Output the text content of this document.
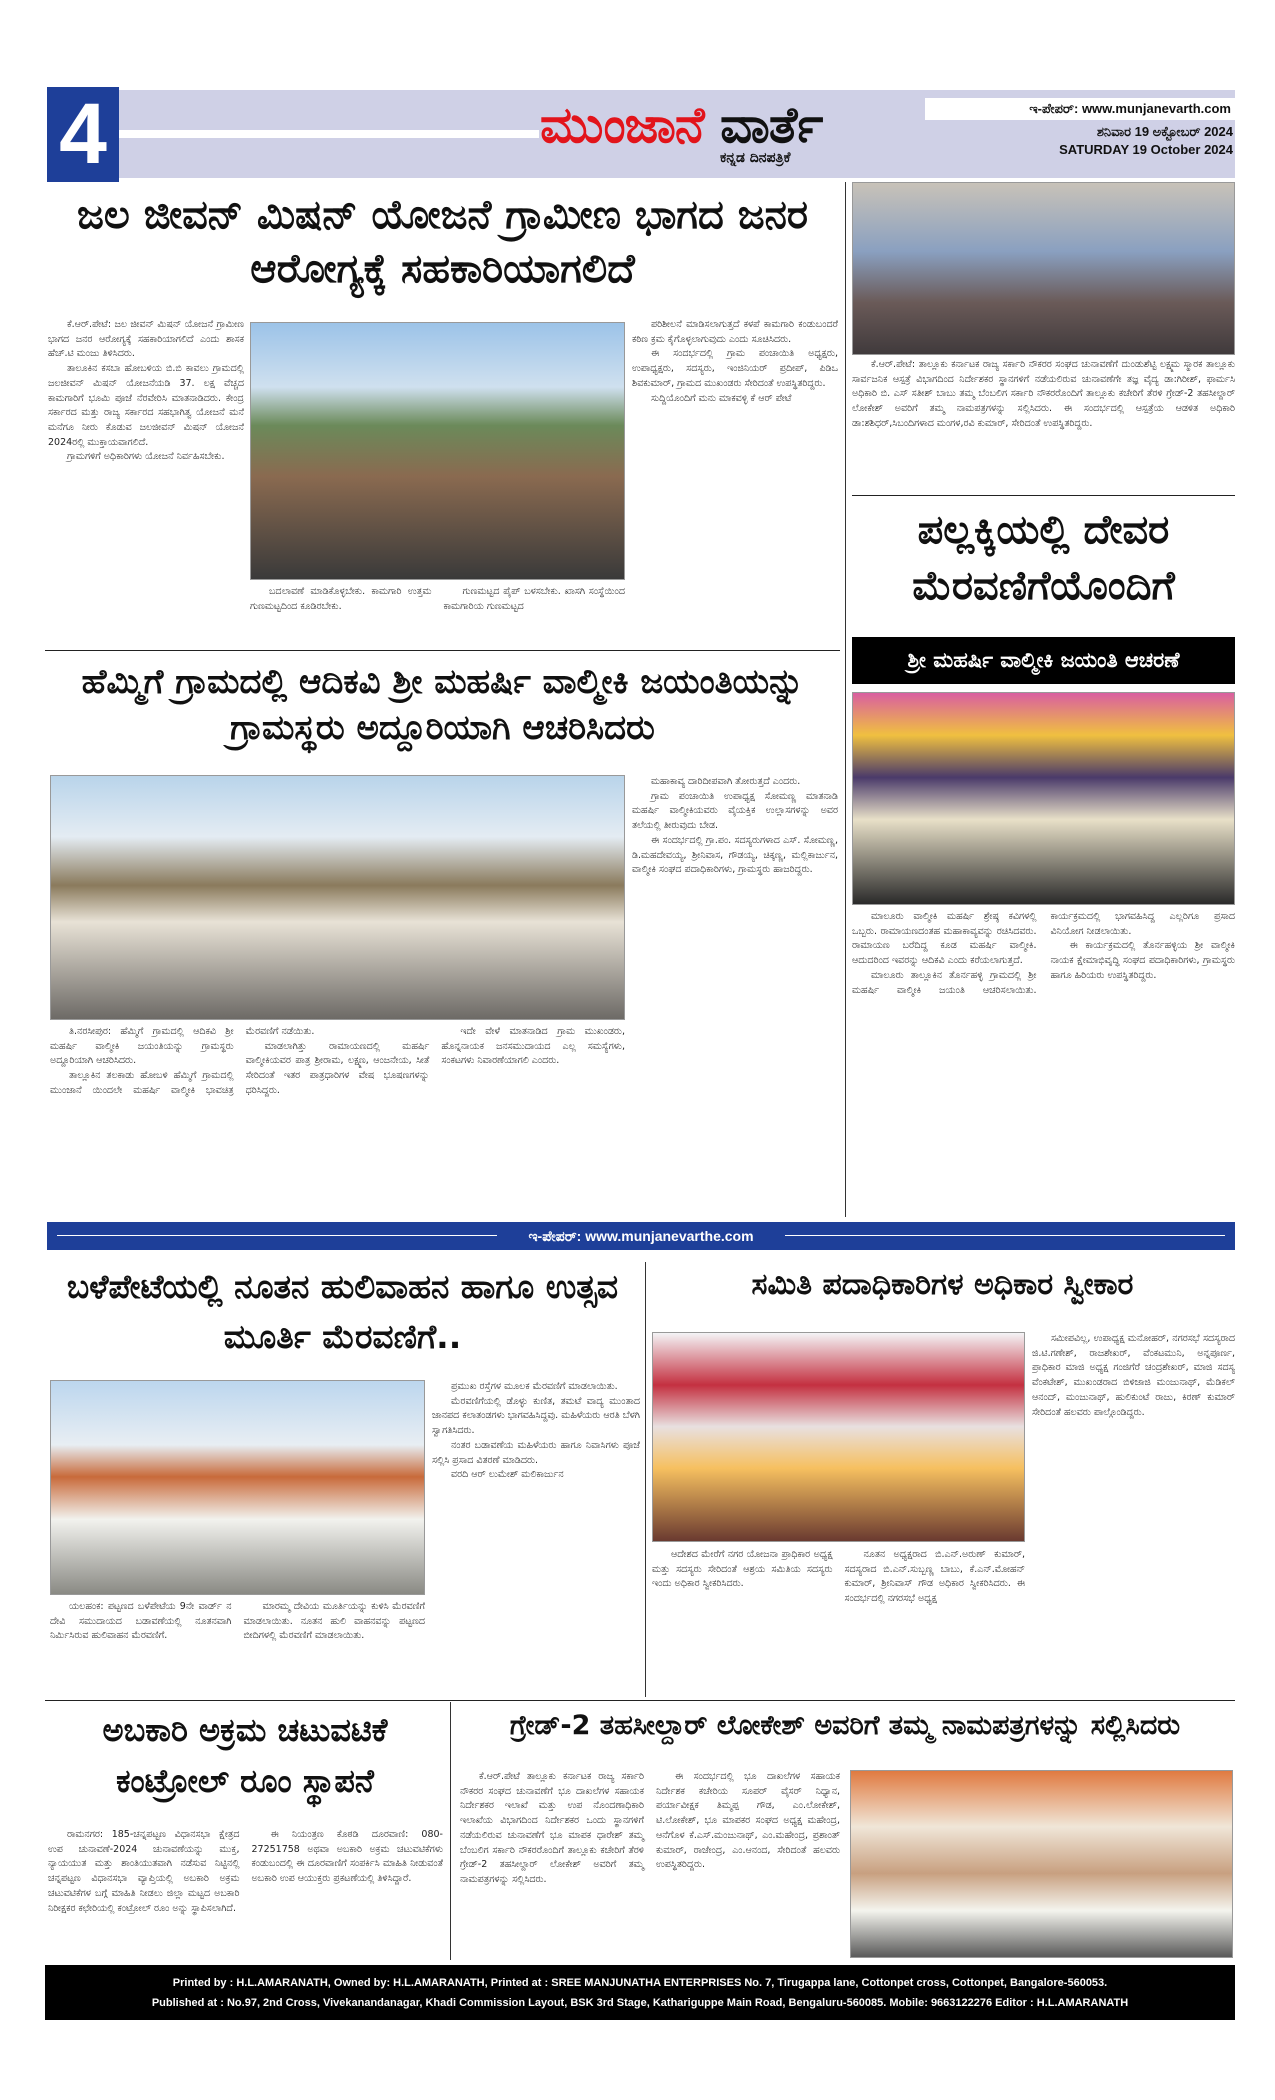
4	ಮುಂಜಾನೆ ವಾರ್ತೆ
ಕನ್ನಡ ದಿನಪತ್ರಿಕೆ
ಇ-ಪೇಪರ್: www.munjanevarth.com
ಶನಿವಾರ 19 ಅಕ್ಟೋಬರ್ 2024
SATURDAY 19 October 2024
ಜಲ ಜೀವನ್ ಮಿಷನ್ ಯೋಜನೆ ಗ್ರಾಮೀಣ ಭಾಗದ ಜನರ ಆರೋಗ್ಯಕ್ಕೆ ಸಹಕಾರಿಯಾಗಲಿದೆ

ಕೆ.ಆರ್.ಪೇಟೆ: ಜಲ ಜೀವನ್ ಮಿಷನ್ ಯೋಜನೆ ಗ್ರಾಮೀಣ ಭಾಗದ ಜನರ ಆರೋಗ್ಯಕ್ಕೆ ಸಹಕಾರಿಯಾಗಲಿದೆ ಎಂದು ಶಾಸಕ ಹೆಚ್.ಟಿ ಮಂಜು ತಿಳಿಸಿದರು.

ತಾಲೂಕಿನ ಕಸಬಾ ಹೋಬಳಿಯ ಬಿ.ಬಿ ಕಾವಲು ಗ್ರಾಮದಲ್ಲಿ ಜಲಜೀವನ್ ಮಿಷನ್ ಯೋಜನೆಯಡಿ 37. ಲಕ್ಷ ವೆಚ್ಚದ ಕಾಮಗಾರಿಗೆ ಭೂಮಿ ಪೂಜೆ ನೆರವೇರಿಸಿ ಮಾತನಾಡಿದರು. ಕೇಂದ್ರ ಸರ್ಕಾರದ ಮತ್ತು ರಾಜ್ಯ ಸರ್ಕಾರದ ಸಹಭಾಗಿತ್ವ ಯೋಜನೆ ಮನೆ ಮನೆಗೂ ನೀರು ಕೊಡುವ ಜಲಜೀವನ್ ಮಿಷನ್ ಯೋಜನೆ 2024ರಲ್ಲಿ ಮುಕ್ತಾಯವಾಗಲಿದೆ.

ಗ್ರಾಮಗಳಿಗೆ ಅಧಿಕಾರಿಗಳು ಯೋಜನೆ ನಿರ್ವಹಿಸಬೇಕು.

ಬದಲಾವಣೆ ಮಾಡಿಕೊಳ್ಳಬೇಕು. ಕಾಮಗಾರಿ ಉತ್ತಮ ಗುಣಮಟ್ಟದಿಂದ ಕೂಡಿರಬೇಕು.

ಗುಣಮಟ್ಟದ ಪೈಪ್ ಬಳಸಬೇಕು. ಖಾಸಗಿ ಸಂಸ್ಥೆಯಿಂದ ಕಾಮಗಾರಿಯ ಗುಣಮಟ್ಟದ

ಪರಿಶೀಲನೆ ಮಾಡಿಸಲಾಗುತ್ತದೆ ಕಳಪೆ ಕಾಮಗಾರಿ ಕಂಡುಬಂದರೆ ಕಠಿಣ ಕ್ರಮ ಕೈಗೊಳ್ಳಲಾಗುವುದು ಎಂದು ಸೂಚಿಸಿದರು.

ಈ ಸಂದರ್ಭದಲ್ಲಿ ಗ್ರಾಮ ಪಂಚಾಯಿತಿ ಅಧ್ಯಕ್ಷರು, ಉಪಾಧ್ಯಕ್ಷರು, ಸದಸ್ಯರು, ಇಂಜಿನಿಯರ್ ಪ್ರದೀಪ್, ಪಿಡಿಒ ಶಿವಕುಮಾರ್, ಗ್ರಾಮದ ಮುಖಂಡರು ಸೇರಿದಂತೆ ಉಪಸ್ಥಿತರಿದ್ದರು.

ಸುದ್ದಿಯೊಂದಿಗೆ ಮನು ಮಾಕವಳ್ಳಿ ಕೆ ಆರ್ ಪೇಟೆ

ಹೆಮ್ಮಿಗೆ ಗ್ರಾಮದಲ್ಲಿ ಆದಿಕವಿ ಶ್ರೀ ಮಹರ್ಷಿ ವಾಲ್ಮೀಕಿ ಜಯಂತಿಯನ್ನು ಗ್ರಾಮಸ್ಥರು ಅದ್ದೂರಿಯಾಗಿ ಆಚರಿಸಿದರು

ತಿ.ನರಸೀಪುರ: ಹೆಮ್ಮಿಗೆ ಗ್ರಾಮದಲ್ಲಿ ಆದಿಕವಿ ಶ್ರೀ ಮಹರ್ಷಿ ವಾಲ್ಮೀಕಿ ಜಯಂತಿಯನ್ನು ಗ್ರಾಮಸ್ಥರು ಅದ್ದೂರಿಯಾಗಿ ಆಚರಿಸಿದರು.

ತಾಲ್ಲೂಕಿನ ತಲಕಾಡು ಹೋಬಳಿ ಹೆಮ್ಮಿಗೆ ಗ್ರಾಮದಲ್ಲಿ ಮುಂಜಾನೆ ಯಿಂದಲೇ ಮಹರ್ಷಿ ವಾಲ್ಮೀಕಿ ಭಾವಚಿತ್ರ ಮೆರವಣಿಗೆ ನಡೆಯಿತು.

ಮಾಡಲಾಗಿತ್ತು ರಾಮಾಯಣದಲ್ಲಿ ಮಹರ್ಷಿ ವಾಲ್ಮೀಕಿಯವರ ಪಾತ್ರ ಶ್ರೀರಾಮ, ಲಕ್ಷ್ಮಣ, ಆಂಜನೇಯ, ಸೀತೆ ಸೇರಿದಂತೆ ಇತರ ಪಾತ್ರಧಾರಿಗಳ ವೇಷ ಭೂಷಣಗಳನ್ನು ಧರಿಸಿದ್ದರು.

ಇದೇ ವೇಳೆ ಮಾತನಾಡಿದ ಗ್ರಾಮ ಮುಖಂಡರು, ಹೊನ್ನನಾಯಕ ಜನಸಮುದಾಯದ ಎಲ್ಲ ಸಮಸ್ಯೆಗಳು, ಸಂಕಟಗಳು ನಿವಾರಣೆಯಾಗಲಿ ಎಂದರು.

ಮಹಾಕಾವ್ಯ ದಾರಿದೀಪವಾಗಿ ತೋರುತ್ತದೆ ಎಂದರು.

ಗ್ರಾಮ ಪಂಚಾಯಿತಿ ಉಪಾಧ್ಯಕ್ಷ ಸೋಮಣ್ಣ ಮಾತನಾಡಿ ಮಹರ್ಷಿ ವಾಲ್ಮೀಕಿಯವರು ವೈಯಕ್ತಿಕ ಉಲ್ಲಾಸಗಳನ್ನು ಅವರ ತಲೆಯಲ್ಲಿ ತೀರುವುದು ಬೇಡ.

ಈ ಸಂದರ್ಭದಲ್ಲಿ ಗ್ರಾ.ಪಂ. ಸದಸ್ಯರುಗಳಾದ ಎಸ್. ಸೋಮಣ್ಣ, ಡಿ.ಮಹದೇವಯ್ಯ, ಶ್ರೀನಿವಾಸ, ಗೌಡಯ್ಯ, ಚಿಕ್ಕಣ್ಣ, ಮಲ್ಲಿಕಾರ್ಜುನ, ವಾಲ್ಮೀಕಿ ಸಂಘದ ಪದಾಧಿಕಾರಿಗಳು, ಗ್ರಾಮಸ್ಥರು ಹಾಜರಿದ್ದರು.

ಕೆ.ಆರ್.ಪೇಟೆ: ತಾಲ್ಲೂಕು ಕರ್ನಾಟಕ ರಾಜ್ಯ ಸರ್ಕಾರಿ ನೌಕರರ ಸಂಘದ ಚುನಾವಣೆಗೆ ದುಂಡುಶೆಟ್ಟಿ ಲಕ್ಷ್ಮಮ ಸ್ಮಾರಕ ತಾಲ್ಲೂಕು ಸಾರ್ವಜನಿಕ ಆಸ್ಪತ್ರೆ ವಿಭಾಗದಿಂದ ನಿರ್ದೇಶಕರ ಸ್ಥಾನಗಳಿಗೆ ನಡೆಯಲಿರುವ ಚುನಾವಣೆಗೇ ತಜ್ಞ ವೈದ್ಯ ಡಾ:ಗಿರೀಶ್, ಫಾರ್ಮಸಿ ಅಧಿಕಾರಿ ಬಿ. ಎಸ್ ಸತೀಶ್ ಬಾಬು ತಮ್ಮ ಬೆಂಬಲಿಗ ಸರ್ಕಾರಿ ನೌಕರರೊಂದಿಗೆ ತಾಲ್ಲೂಕು ಕಚೇರಿಗೆ ತೆರಳಿ ಗ್ರೇಡ್-2 ತಹಸೀಲ್ದಾರ್ ಲೋಕೇಶ್ ಅವರಿಗೆ ತಮ್ಮ ನಾಮಪತ್ರಗಳನ್ನು ಸಲ್ಲಿಸಿದರು. ಈ ಸಂದರ್ಭದಲ್ಲಿ ಆಸ್ಪತ್ರೆಯ ಆಡಳಿತ ಅಧಿಕಾರಿ ಡಾ:ಶಶಿಧರ್,ಸಿಬಂದಿಗಳಾದ ಮಂಗಳ,ರವಿ ಕುಮಾರ್, ಸೇರಿದಂತೆ ಉಪಸ್ಥಿತರಿದ್ದರು.

ಪಲ್ಲಕ್ಕಿಯಲ್ಲಿ ದೇವರ ಮೆರವಣಿಗೆಯೊಂದಿಗೆ
ಶ್ರೀ ಮಹರ್ಷಿ ವಾಲ್ಮೀಕಿ ಜಯಂತಿ ಆಚರಣೆ

ಮಾಲೂರು ವಾಲ್ಮೀಕಿ ಮಹರ್ಷಿ ಶ್ರೇಷ್ಠ ಕವಿಗಳಲ್ಲಿ ಒಬ್ಬರು. ರಾಮಾಯಣದಂತಹ ಮಹಾಕಾವ್ಯವನ್ನು ರಚಿಸಿದವರು. ರಾಮಾಯಣ ಬರೆದಿದ್ದ ಕೂಡ ಮಹರ್ಷಿ ವಾಲ್ಮೀಕಿ. ಆದುದರಿಂದ ಇವರನ್ನು ಆದಿಕವಿ ಎಂದು ಕರೆಯಲಾಗುತ್ತದೆ.

ಮಾಲೂರು ತಾಲ್ಲೂಕಿನ ತೊರ್ನಹಳ್ಳಿ ಗ್ರಾಮದಲ್ಲಿ ಶ್ರೀ ಮಹರ್ಷಿ ವಾಲ್ಮೀಕಿ ಜಯಂತಿ ಆಚರಿಸಲಾಯಿತು. ಕಾರ್ಯಕ್ರಮದಲ್ಲಿ ಭಾಗವಹಿಸಿದ್ದ ಎಲ್ಲರಿಗೂ ಪ್ರಸಾದ ವಿನಿಯೋಗ ನೀಡಲಾಯಿತು.

ಈ ಕಾರ್ಯಕ್ರಮದಲ್ಲಿ ತೊರ್ನಹಳ್ಳಿಯ ಶ್ರೀ ವಾಲ್ಮೀಕಿ ನಾಯಕ ಕ್ಷೇಮಾಭಿವೃದ್ಧಿ ಸಂಘದ ಪದಾಧಿಕಾರಿಗಳು, ಗ್ರಾಮಸ್ಥರು ಹಾಗೂ ಹಿರಿಯರು ಉಪಸ್ಥಿತರಿದ್ದರು.

ಇ-ಪೇಪರ್: www.munjanevarthe.com
ಬಳೆಪೇಟೆಯಲ್ಲಿ ನೂತನ ಹುಲಿವಾಹನ ಹಾಗೂ ಉತ್ಸವ ಮೂರ್ತಿ ಮೆರವಣಿಗೆ..

ಪ್ರಮುಖ ರಸ್ತೆಗಳ ಮೂಲಕ ಮೆರವಣಿಗೆ ಮಾಡಲಾಯಿತು.

ಮೆರವಣಿಗೆಯಲ್ಲಿ ಡೊಳ್ಳು ಕುಣಿತ, ತಮಟೆ ವಾದ್ಯ ಮುಂತಾದ ಜಾನಪದ ಕಲಾತಂಡಗಳು ಭಾಗವಹಿಸಿದ್ದವು. ಮಹಿಳೆಯರು ಆರತಿ ಬೆಳಗಿ ಸ್ವಾಗತಿಸಿದರು.

ನಂತರ ಬಡಾವಣೆಯ ಮಹಿಳೆಯರು ಹಾಗೂ ನಿವಾಸಿಗಳು ಪೂಜೆ ಸಲ್ಲಿಸಿ ಪ್ರಸಾದ ವಿತರಣೆ ಮಾಡಿದರು.

ವರದಿ ಆರ್ ಲುಮೇಶ್ ಮಲಿಕಾರ್ಜುನ

ಯಲಹಂಕ: ಪಟ್ಟಣದ ಬಳೆಪೇಟೆಯ 9ನೇ ವಾರ್ಡ್ ನ ದೇವಿ ಸಮುದಾಯದ ಬಡಾವಣೆಯಲ್ಲಿ ನೂತನವಾಗಿ ನಿರ್ಮಿಸಿರುವ ಹುಲಿವಾಹನ ಮೆರವಣಿಗೆ.

ಮಾರಮ್ಮ ದೇವಿಯ ಮೂರ್ತಿಯನ್ನು ಕುಳಿಸಿ ಮೆರವಣಿಗೆ ಮಾಡಲಾಯಿತು. ನೂತನ ಹುಲಿ ವಾಹನವನ್ನು ಪಟ್ಟಣದ ಬೀದಿಗಳಲ್ಲಿ ಮೆರವಣಿಗೆ ಮಾಡಲಾಯಿತು.

ಸಮಿತಿ ಪದಾಧಿಕಾರಿಗಳ ಅಧಿಕಾರ ಸ್ವೀಕಾರ

ಸಮೀಪವಿಲ್ಲ, ಉಪಾಧ್ಯಕ್ಷ ಮನೋಹರ್, ನಗರಸಭೆ ಸದಸ್ಯರಾದ ಜಿ.ಟಿ.ಗಣೇಶ್, ರಾಜಶೇಖರ್, ವೆಂಕಟಮುನಿ, ಅನ್ನಪೂರ್ಣ, ಪ್ರಾಧಿಕಾರ ಮಾಜಿ ಅಧ್ಯಕ್ಷ ಗಂಜಿಗೆರೆ ಚಂದ್ರಶೇಖರ್, ಮಾಜಿ ಸದಸ್ಯ ವೆಂಕಟೇಶ್, ಮುಖಂಡರಾದ ಬಿಳಿಜಾಜಿ ಮಂಜುನಾಥ್, ಮೆಡಿಕಲ್ ಆನಂದ್, ಮಂಜುನಾಥ್, ಹುಲಿಕುಂಟೆ ರಾಜು, ಕಿರಣ್ ಕುಮಾರ್ ಸೇರಿದಂತೆ ಹಲವರು ಪಾಲ್ಗೊಂಡಿದ್ದರು.

ಆದೇಶದ ಮೇರೆಗೆ ನಗರ ಯೋಜನಾ ಪ್ರಾಧಿಕಾರ ಅಧ್ಯಕ್ಷ ಮತ್ತು ಸದಸ್ಯರು ಸೇರಿದಂತೆ ಆಶ್ರಯ ಸಮಿತಿಯ ಸದಸ್ಯರು ಇಂದು ಅಧಿಕಾರ ಸ್ವೀಕರಿಸಿದರು.

ನೂತನ ಅಧ್ಯಕ್ಷರಾದ ಬಿ.ಎನ್.ಅರುಣ್ ಕುಮಾರ್, ಸದಸ್ಯರಾದ ಬಿ.ಎನ್.ಸುಬ್ಬಣ್ಣ ಬಾಬು, ಕೆ.ಎನ್.ಮೋಹನ್ ಕುಮಾರ್, ಶ್ರೀನಿವಾಸ್ ಗೌಡ ಅಧಿಕಾರ ಸ್ವೀಕರಿಸಿದರು. ಈ ಸಂದರ್ಭದಲ್ಲಿ ನಗರಸಭೆ ಅಧ್ಯಕ್ಷ

ಅಬಕಾರಿ ಅಕ್ರಮ ಚಟುವಟಿಕೆ ಕಂಟ್ರೋಲ್ ರೂಂ ಸ್ಥಾಪನೆ

ರಾಮನಗರ: 185-ಚನ್ನಪಟ್ಟಣ ವಿಧಾನಸಭಾ ಕ್ಷೇತ್ರದ ಉಪ ಚುನಾವಣೆ-2024 ಚುನಾವಣೆಯನ್ನು ಮುಕ್ತ, ನ್ಯಾಯಯುತ ಮತ್ತು ಶಾಂತಿಯುತವಾಗಿ ನಡೆಸುವ ನಿಟ್ಟಿನಲ್ಲಿ ಚನ್ನಪಟ್ಟಣ ವಿಧಾನಸಭಾ ವ್ಯಾಪ್ತಿಯಲ್ಲಿ ಅಬಕಾರಿ ಅಕ್ರಮ ಚಟುವಟಿಕೆಗಳ ಬಗ್ಗೆ ಮಾಹಿತಿ ನೀಡಲು ಜಿಲ್ಲಾ ಮಟ್ಟದ ಅಬಕಾರಿ ನಿರೀಕ್ಷಕರ ಕಛೇರಿಯಲ್ಲಿ ಕಂಟ್ರೋಲ್ ರೂಂ ಅನ್ನು ಸ್ಥಾಪಿಸಲಾಗಿದೆ.

ಈ ನಿಯಂತ್ರಣ ಕೊಠಡಿ ದೂರವಾಣಿ: 080-27251758 ಅಥವಾ ಅಬಕಾರಿ ಅಕ್ರಮ ಚಟುವಟಿಕೆಗಳು ಕಂಡುಬಂದಲ್ಲಿ ಈ ದೂರವಾಣಿಗೆ ಸಂಪರ್ಕಿಸಿ ಮಾಹಿತಿ ನೀಡುವಂತೆ ಅಬಕಾರಿ ಉಪ ಆಯುಕ್ತರು ಪ್ರಕಟಣೆಯಲ್ಲಿ ತಿಳಿಸಿದ್ದಾರೆ.

ಗ್ರೇಡ್-2 ತಹಸೀಲ್ದಾರ್ ಲೋಕೇಶ್ ಅವರಿಗೆ ತಮ್ಮ ನಾಮಪತ್ರಗಳನ್ನು ಸಲ್ಲಿಸಿದರು

ಕೆ.ಆರ್.ಪೇಟೆ ತಾಲ್ಲೂಕು ಕರ್ನಾಟಕ ರಾಜ್ಯ ಸರ್ಕಾರಿ ನೌಕರರ ಸಂಘದ ಚುನಾವಣೆಗೆ ಭೂ ದಾಖಲೆಗಳ ಸಹಾಯಕ ನಿರ್ದೇಶಕರ ಇಲಾಖೆ ಮತ್ತು ಉಪ ನೊಂದಣಾಧಿಕಾರಿ ಇಲಾಖೆಯ ವಿಭಾಗದಿಂದ ನಿರ್ದೇಶಕರ ಒಂದು ಸ್ಥಾನಗಳಿಗೆ ನಡೆಯಲಿರುವ ಚುನಾವಣೆಗೆ ಭೂ ಮಾಪಕ ಧಾರೇಶ್ ತಮ್ಮ ಬೆಂಬಲಿಗ ಸರ್ಕಾರಿ ನೌಕರರೊಂದಿಗೆ ತಾಲ್ಲೂಕು ಕಚೇರಿಗೆ ತೆರಳಿ ಗ್ರೇಡ್-2 ತಹಸೀಲ್ದಾರ್ ಲೋಕೇಶ್ ಅವರಿಗೆ ತಮ್ಮ ನಾಮಪತ್ರಗಳನ್ನು ಸಲ್ಲಿಸಿದರು.

ಈ ಸಂದರ್ಭದಲ್ಲಿ ಭೂ ದಾಖಲೆಗಳ ಸಹಾಯಕ ನಿರ್ದೇಶಕ ಕಚೇರಿಯ ಸೂಪರ್ ವೈಸರ್ ನಿಧ್ಯಾನ, ಪರ್ಯಾವೀಕ್ಷಕ ತಿಮ್ಮಪ್ಪ ಗೌಡ, ಎಂ.ಲೋಕೇಶ್, ಟಿ.ಲೋಕೇಶ್, ಭೂ ಮಾಪಕರ ಸಂಘದ ಅಧ್ಯಕ್ಷ ಮಹೇಂದ್ರ, ಆನೆಗೊಳ ಕೆ.ಎಸ್.ಮಂಜುನಾಥ್, ಎಂ.ಮಹೇಂದ್ರ, ಪ್ರಶಾಂತ್ ಕುಮಾರ್, ರಾಜೇಂದ್ರ, ಎಂ.ಆನಂದ, ಸೇರಿದಂತೆ ಹಲವರು ಉಪಸ್ಥಿತರಿದ್ದರು.

Printed by : H.L.AMARANATH, Owned by: H.L.AMARANATH, Printed at : SREE MANJUNATHA ENTERPRISES No. 7, Tirugappa lane, Cottonpet cross, Cottonpet, Bangalore-560053.
Published at : No.97, 2nd Cross, Vivekanandanagar, Khadi Commission Layout, BSK 3rd Stage, Kathariguppe Main Road, Bengaluru-560085. Mobile: 9663122276 Editor : H.L.AMARANATH
